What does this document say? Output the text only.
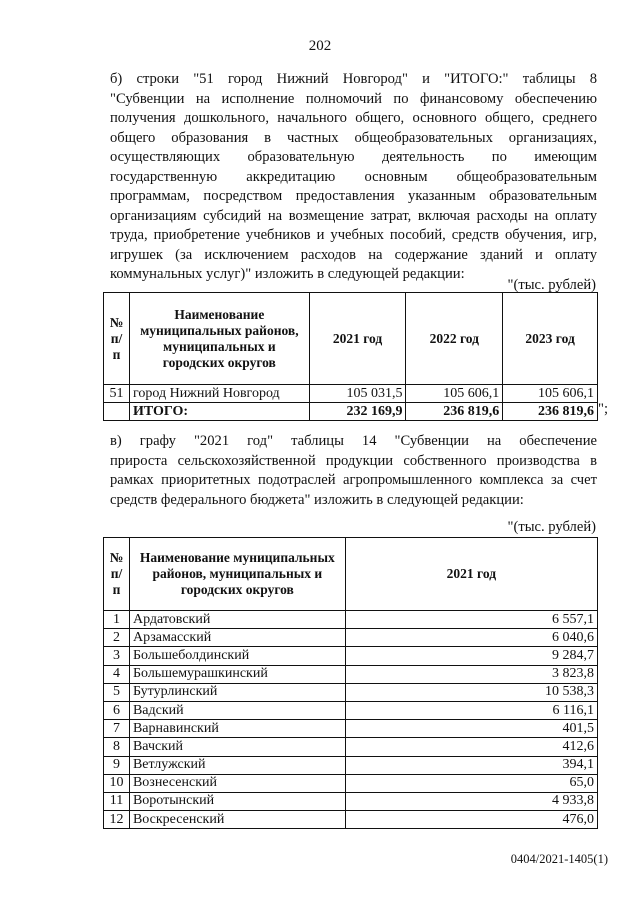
202
б) строки "51 город Нижний Новгород" и "ИТОГО:" таблицы 8
"Субвенции на исполнение полномочий по финансовому обеспечению
получения дошкольного, начального общего, основного общего, среднего
общего образования в частных общеобразовательных организациях,
осуществляющих образовательную деятельность по имеющим
государственную аккредитацию основным общеобразовательным
программам, посредством предоставления указанным образовательным
организациям субсидий на возмещение затрат, включая расходы на оплату
труда, приобретение учебников и учебных пособий, средств обучения, игр,
игрушек (за исключением расходов на содержание зданий и оплату
коммунальных услуг)" изложить в следующей редакции:
"(тыс. рублей)
№ п/п	Наименование муниципальных районов, муниципальных и городских округов	2021 год	2022 год	2023 год
51	город Нижний Новгород	105 031,5	105 606,1	105 606,1
	ИТОГО:	232 169,9	236 819,6	236 819,6 ";
в) графу "2021 год" таблицы 14 "Субвенции на обеспечение
прироста сельскохозяйственной продукции собственного производства в
рамках приоритетных подотраслей агропромышленного комплекса за счет
средств федерального бюджета" изложить в следующей редакции:
"(тыс. рублей)
№ п/п	Наименование муниципальных районов, муниципальных и городских округов	2021 год
1	Ардатовский	6 557,1
2	Арзамасский	6 040,6
3	Большеболдинский	9 284,7
4	Большемурашкинский	3 823,8
5	Бутурлинский	10 538,3
6	Вадский	6 116,1
7	Варнавинский	401,5
8	Вачский	412,6
9	Ветлужский	394,1
10	Вознесенский	65,0
11	Воротынский	4 933,8
12	Воскресенский	476,0
0404/2021-1405(1)
